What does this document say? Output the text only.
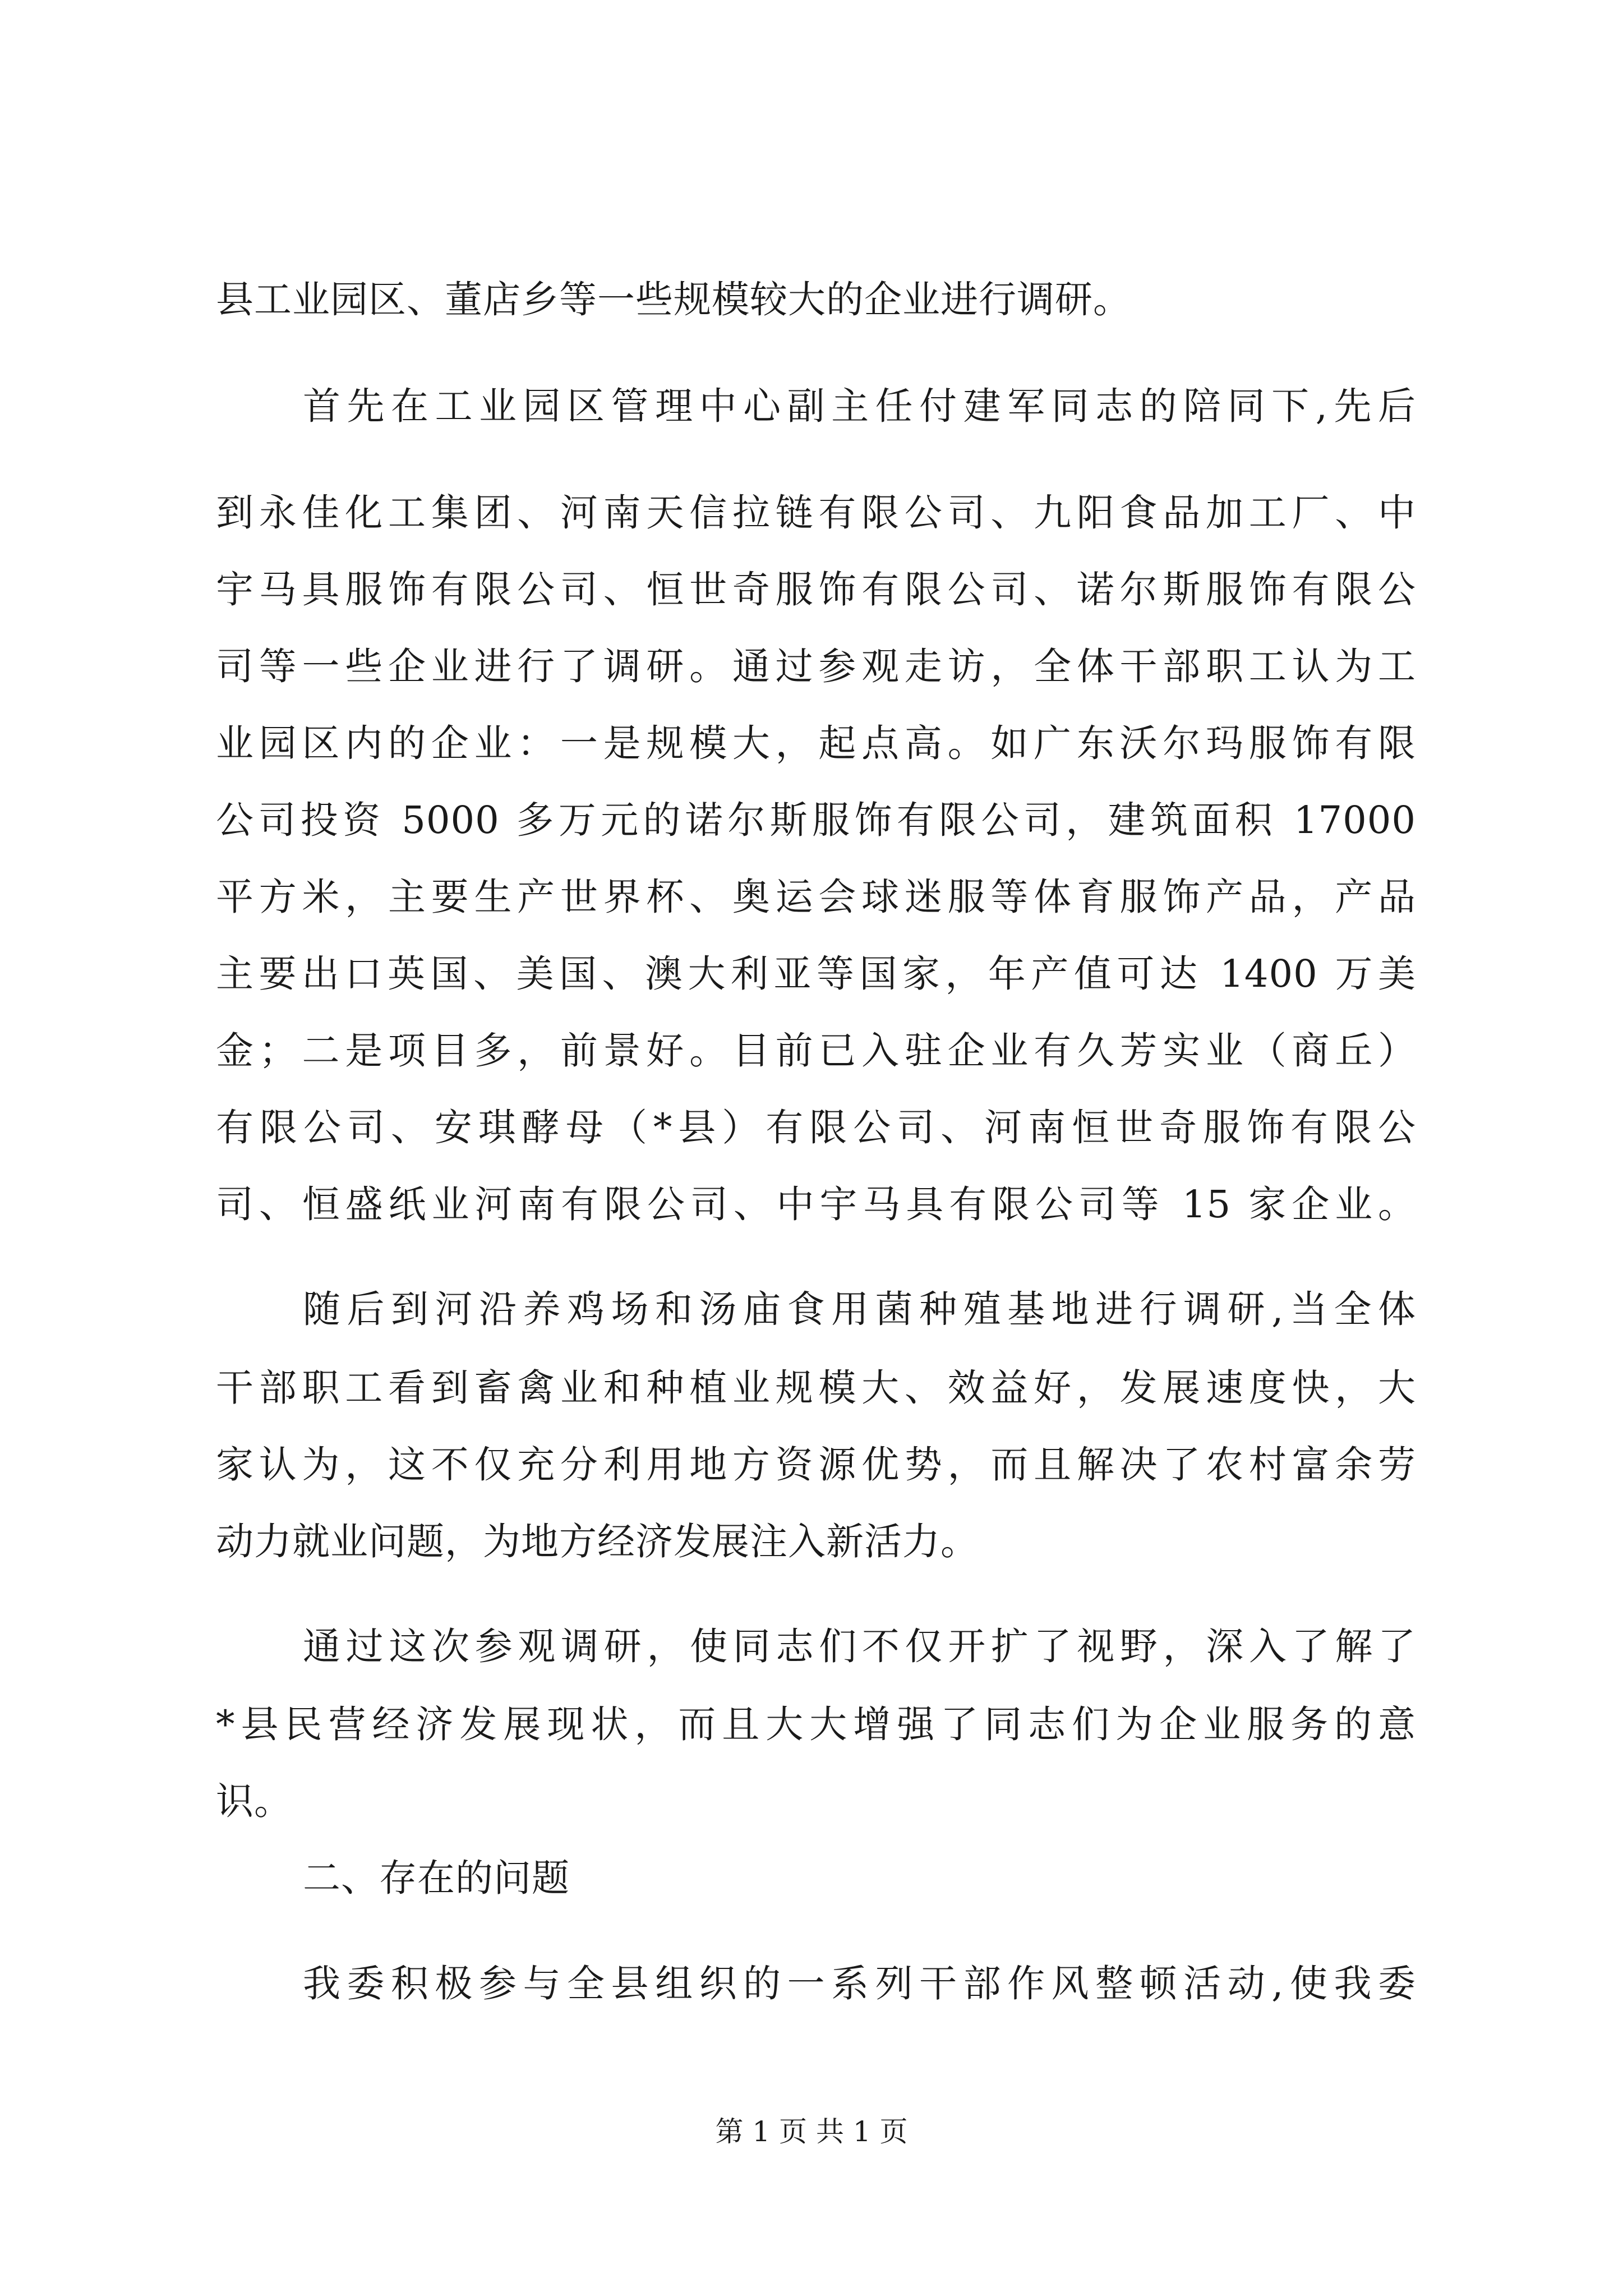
县工业园区、董店乡等一些规模较大的企业进行调研。
首先在工业园区管理中心副主任付建军同志的陪同下,先后
到永佳化工集团、河南天信拉链有限公司、九阳食品加工厂、中
宇马具服饰有限公司、恒世奇服饰有限公司、诺尔斯服饰有限公
司等一些企业进行了调研。通过参观走访，全体干部职工认为工
业园区内的企业：一是规模大，起点高。如广东沃尔玛服饰有限
公司投资 5000 多万元的诺尔斯服饰有限公司，建筑面积 17000
平方米，主要生产世界杯、奥运会球迷服等体育服饰产品，产品
主要出口英国、美国、澳大利亚等国家，年产值可达 1400 万美
金；二是项目多，前景好。目前已入驻企业有久芳实业（商丘）
有限公司、安琪酵母（*县）有限公司、河南恒世奇服饰有限公
司、恒盛纸业河南有限公司、中宇马具有限公司等 15 家企业。
随后到河沿养鸡场和汤庙食用菌种殖基地进行调研,当全体
干部职工看到畜禽业和种植业规模大、效益好，发展速度快，大
家认为，这不仅充分利用地方资源优势，而且解决了农村富余劳
动力就业问题，为地方经济发展注入新活力。
通过这次参观调研，使同志们不仅开扩了视野，深入了解了
*县民营经济发展现状，而且大大增强了同志们为企业服务的意
识。
二、存在的问题
我委积极参与全县组织的一系列干部作风整顿活动,使我委
第 1 页 共 1 页
